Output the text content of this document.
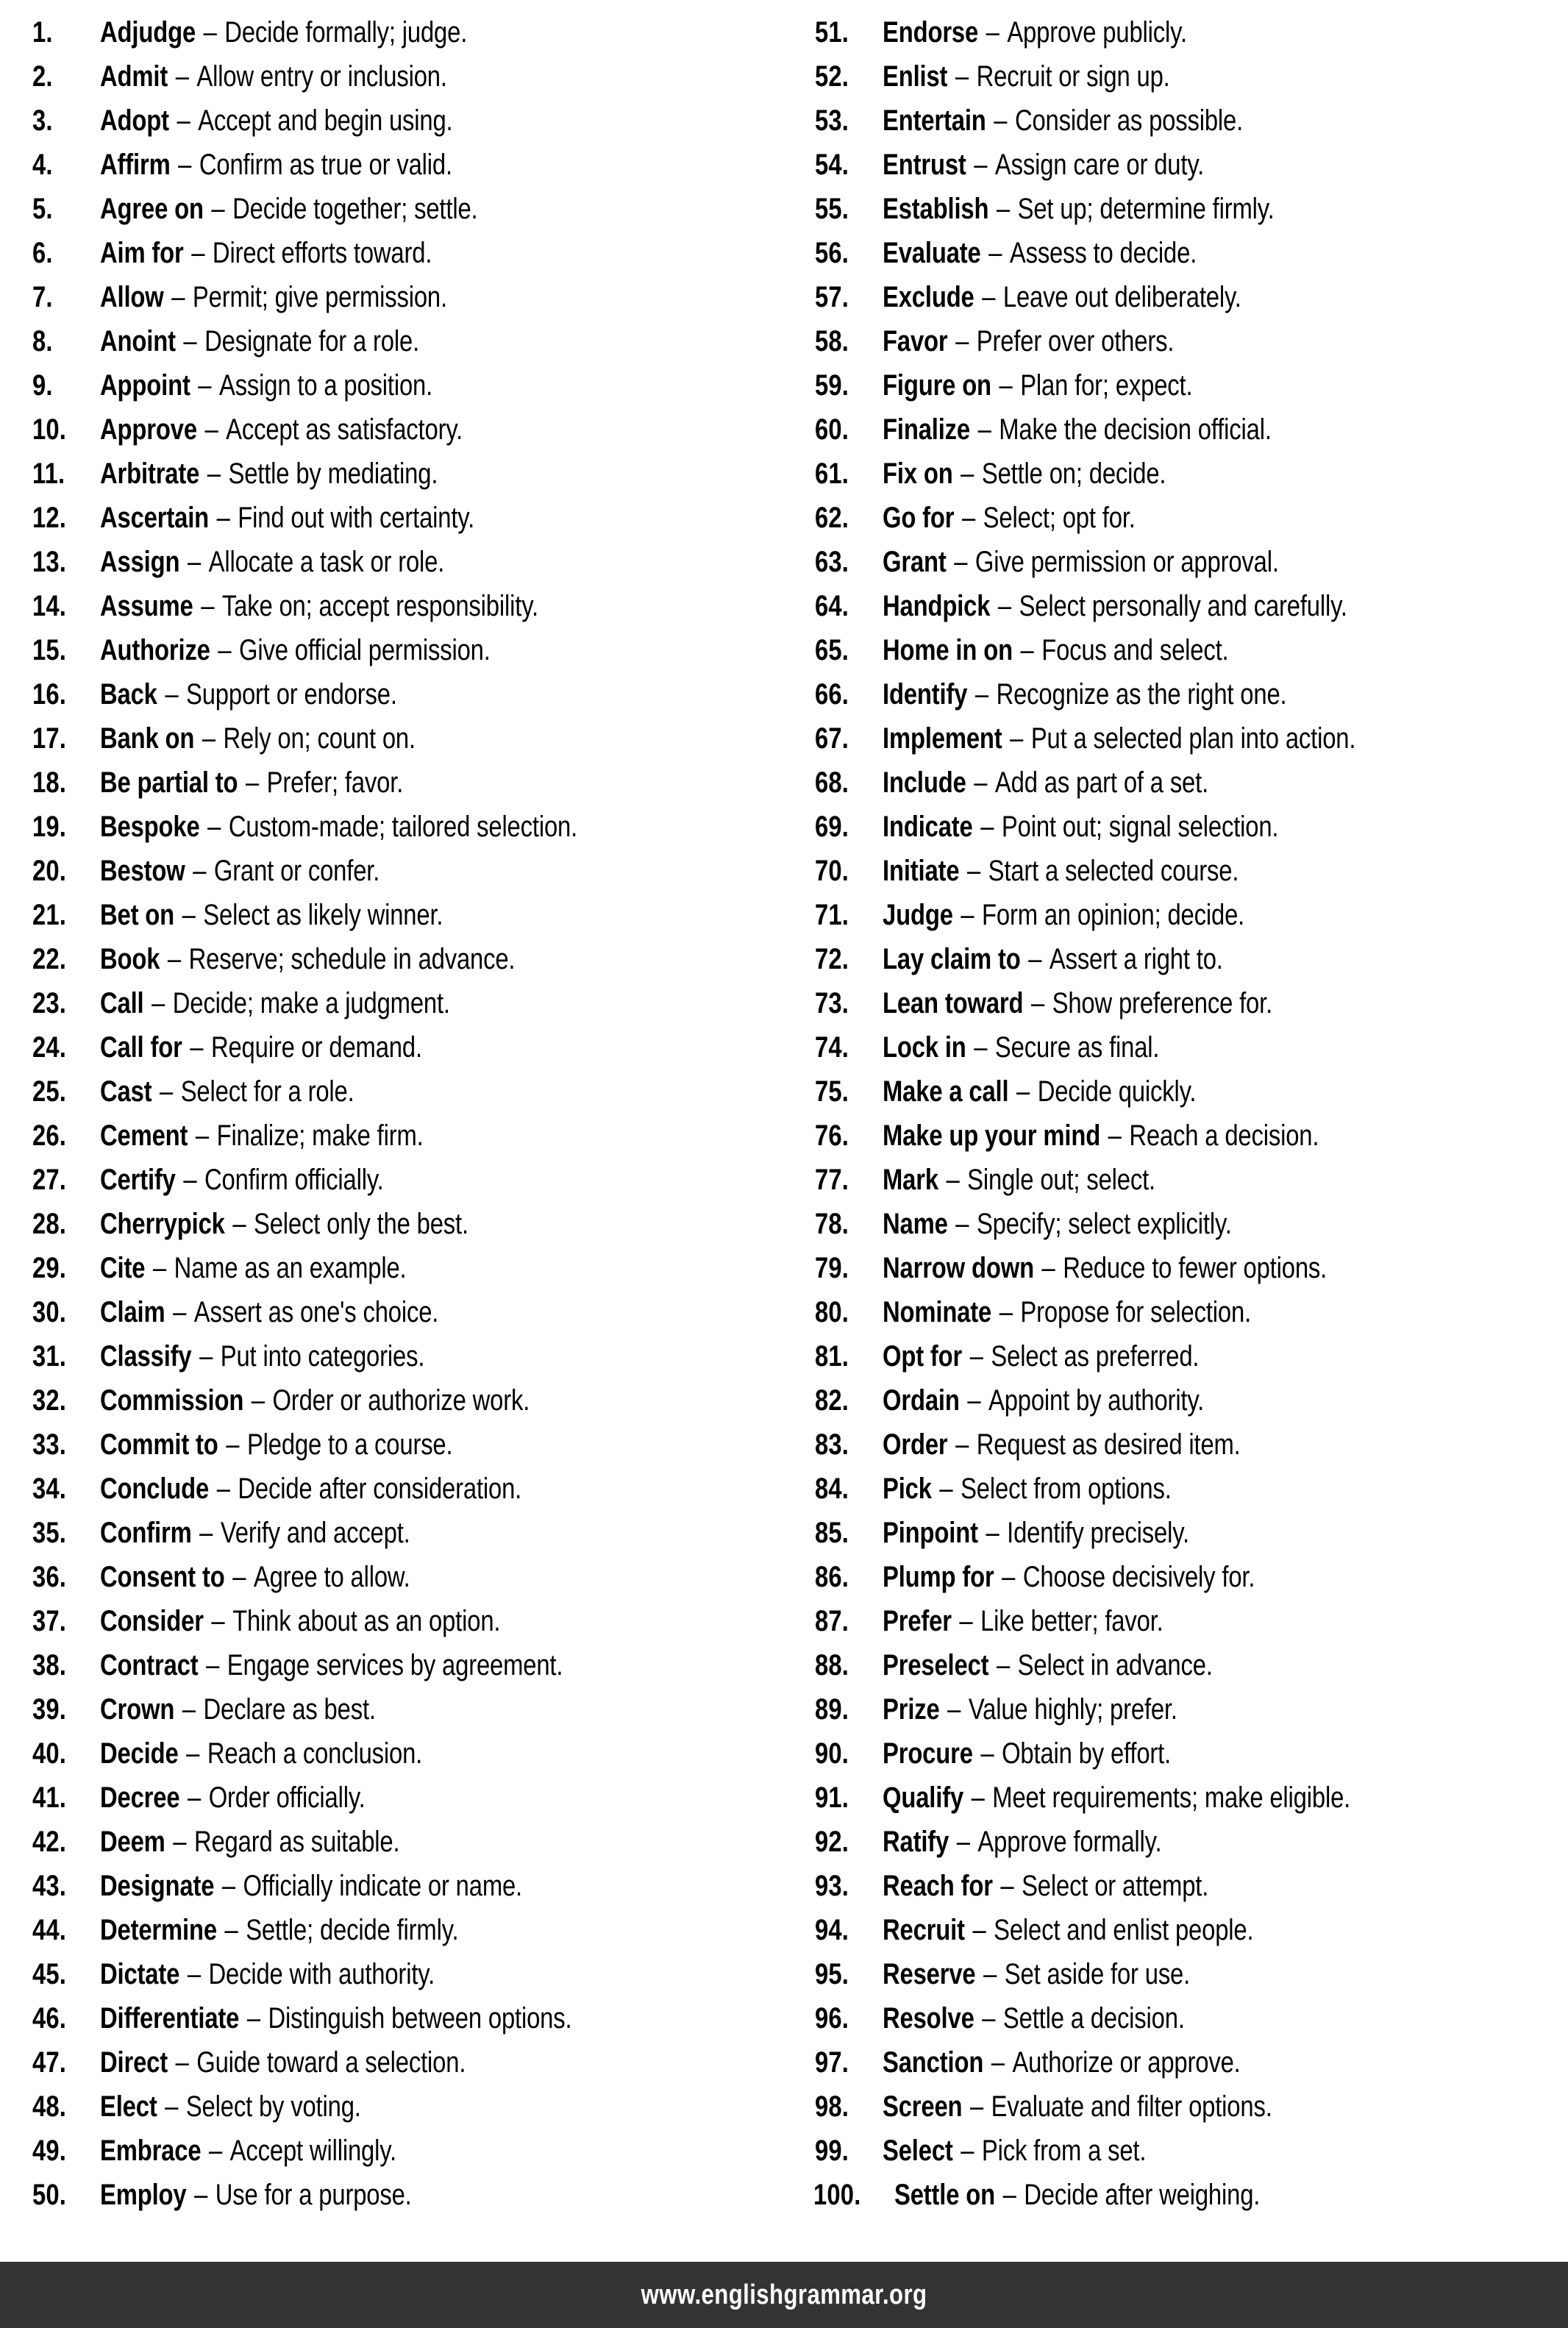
1.	Adjudge – Decide formally; judge.
2.	Admit – Allow entry or inclusion.
3.	Adopt – Accept and begin using.
4.	Affirm – Confirm as true or valid.
5.	Agree on – Decide together; settle.
6.	Aim for – Direct efforts toward.
7.	Allow – Permit; give permission.
8.	Anoint – Designate for a role.
9.	Appoint – Assign to a position.
10.	Approve – Accept as satisfactory.
11.	Arbitrate – Settle by mediating.
12.	Ascertain – Find out with certainty.
13.	Assign – Allocate a task or role.
14.	Assume – Take on; accept responsibility.
15.	Authorize – Give official permission.
16.	Back – Support or endorse.
17.	Bank on – Rely on; count on.
18.	Be partial to – Prefer; favor.
19.	Bespoke – Custom-made; tailored selection.
20.	Bestow – Grant or confer.
21.	Bet on – Select as likely winner.
22.	Book – Reserve; schedule in advance.
23.	Call – Decide; make a judgment.
24.	Call for – Require or demand.
25.	Cast – Select for a role.
26.	Cement – Finalize; make firm.
27.	Certify – Confirm officially.
28.	Cherrypick – Select only the best.
29.	Cite – Name as an example.
30.	Claim – Assert as one's choice.
31.	Classify – Put into categories.
32.	Commission – Order or authorize work.
33.	Commit to – Pledge to a course.
34.	Conclude – Decide after consideration.
35.	Confirm – Verify and accept.
36.	Consent to – Agree to allow.
37.	Consider – Think about as an option.
38.	Contract – Engage services by agreement.
39.	Crown – Declare as best.
40.	Decide – Reach a conclusion.
41.	Decree – Order officially.
42.	Deem – Regard as suitable.
43.	Designate – Officially indicate or name.
44.	Determine – Settle; decide firmly.
45.	Dictate – Decide with authority.
46.	Differentiate – Distinguish between options.
47.	Direct – Guide toward a selection.
48.	Elect – Select by voting.
49.	Embrace – Accept willingly.
50.	Employ – Use for a purpose.
51.	Endorse – Approve publicly.
52.	Enlist – Recruit or sign up.
53.	Entertain – Consider as possible.
54.	Entrust – Assign care or duty.
55.	Establish – Set up; determine firmly.
56.	Evaluate – Assess to decide.
57.	Exclude – Leave out deliberately.
58.	Favor – Prefer over others.
59.	Figure on – Plan for; expect.
60.	Finalize – Make the decision official.
61.	Fix on – Settle on; decide.
62.	Go for – Select; opt for.
63.	Grant – Give permission or approval.
64.	Handpick – Select personally and carefully.
65.	Home in on – Focus and select.
66.	Identify – Recognize as the right one.
67.	Implement – Put a selected plan into action.
68.	Include – Add as part of a set.
69.	Indicate – Point out; signal selection.
70.	Initiate – Start a selected course.
71.	Judge – Form an opinion; decide.
72.	Lay claim to – Assert a right to.
73.	Lean toward – Show preference for.
74.	Lock in – Secure as final.
75.	Make a call – Decide quickly.
76.	Make up your mind – Reach a decision.
77.	Mark – Single out; select.
78.	Name – Specify; select explicitly.
79.	Narrow down – Reduce to fewer options.
80.	Nominate – Propose for selection.
81.	Opt for – Select as preferred.
82.	Ordain – Appoint by authority.
83.	Order – Request as desired item.
84.	Pick – Select from options.
85.	Pinpoint – Identify precisely.
86.	Plump for – Choose decisively for.
87.	Prefer – Like better; favor.
88.	Preselect – Select in advance.
89.	Prize – Value highly; prefer.
90.	Procure – Obtain by effort.
91.	Qualify – Meet requirements; make eligible.
92.	Ratify – Approve formally.
93.	Reach for – Select or attempt.
94.	Recruit – Select and enlist people.
95.	Reserve – Set aside for use.
96.	Resolve – Settle a decision.
97.	Sanction – Authorize or approve.
98.	Screen – Evaluate and filter options.
99.	Select – Pick from a set.
100.	Settle on – Decide after weighing.
www.englishgrammar.org
